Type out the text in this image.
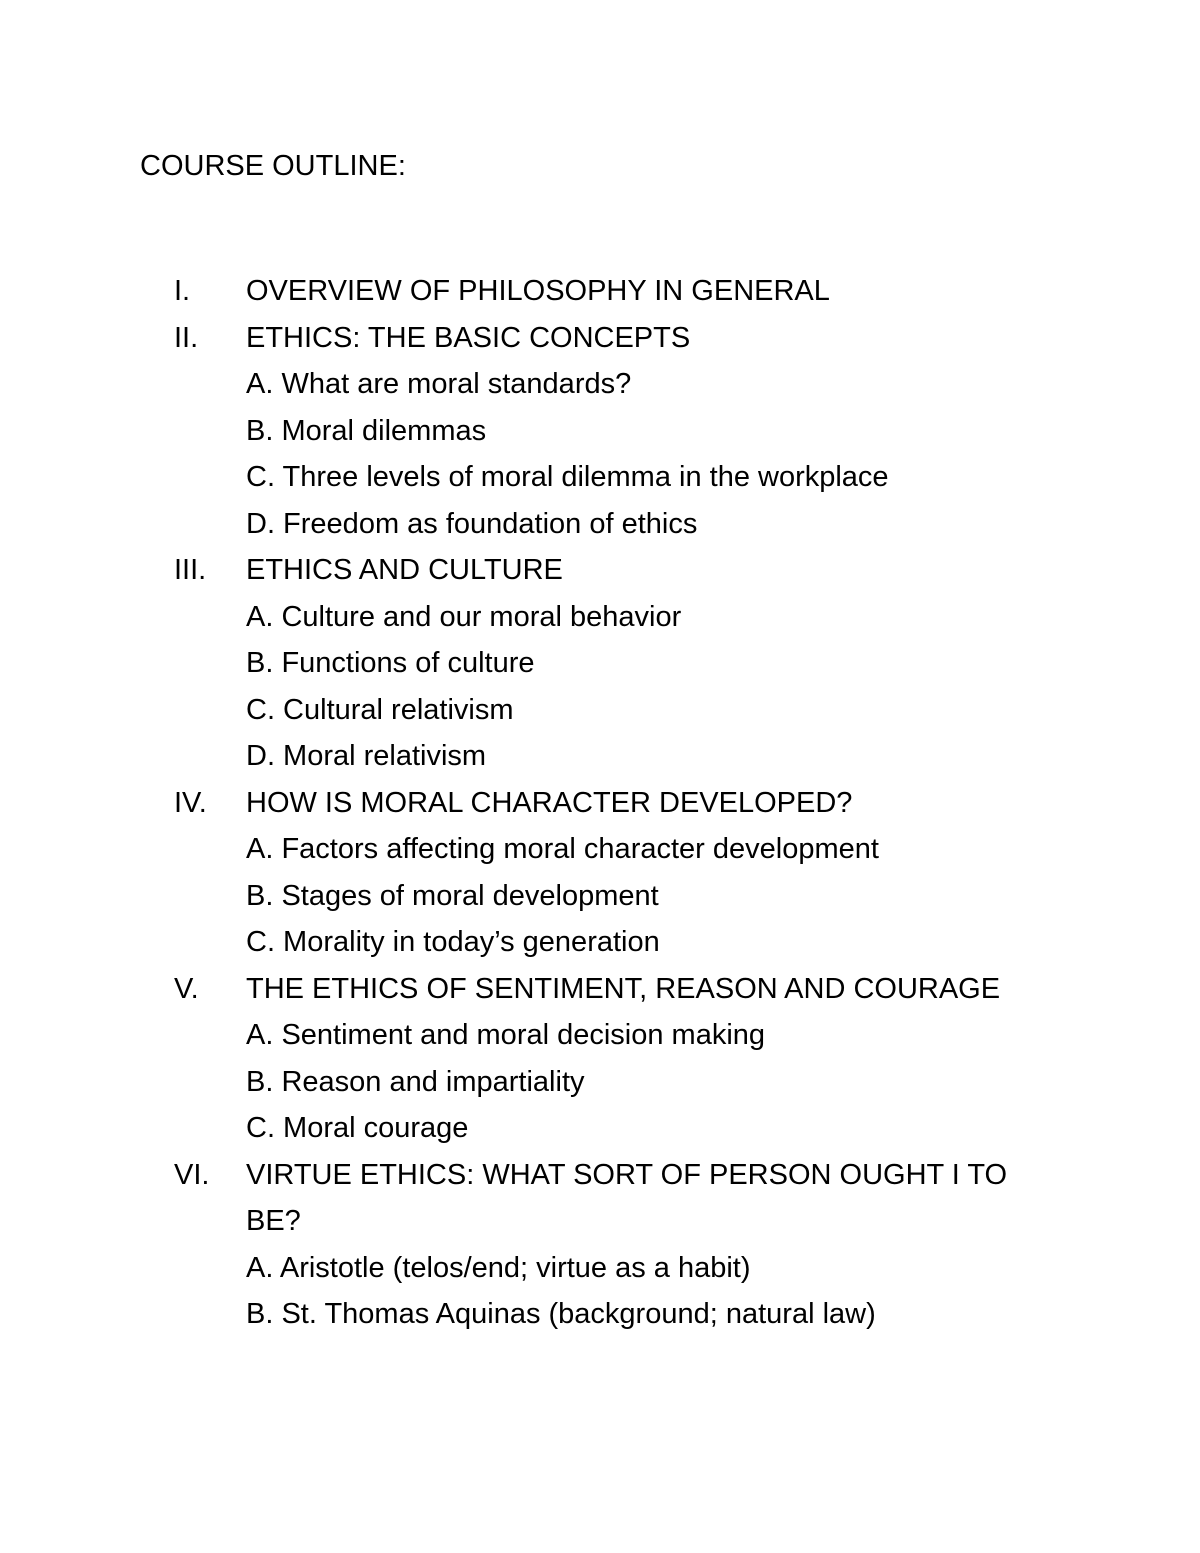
COURSE OUTLINE:
I. OVERVIEW OF PHILOSOPHY IN GENERAL
II. ETHICS: THE BASIC CONCEPTS
A. What are moral standards?
B. Moral dilemmas
C. Three levels of moral dilemma in the workplace
D. Freedom as foundation of ethics
III. ETHICS AND CULTURE
A. Culture and our moral behavior
B. Functions of culture
C. Cultural relativism
D. Moral relativism
IV. HOW IS MORAL CHARACTER DEVELOPED?
A. Factors affecting moral character development
B. Stages of moral development
C. Morality in today’s generation
V. THE ETHICS OF SENTIMENT, REASON AND COURAGE
A. Sentiment and moral decision making
B. Reason and impartiality
C. Moral courage
VI. VIRTUE ETHICS: WHAT SORT OF PERSON OUGHT I TO
BE?
A. Aristotle (telos/end; virtue as a habit)
B. St. Thomas Aquinas (background; natural law)
